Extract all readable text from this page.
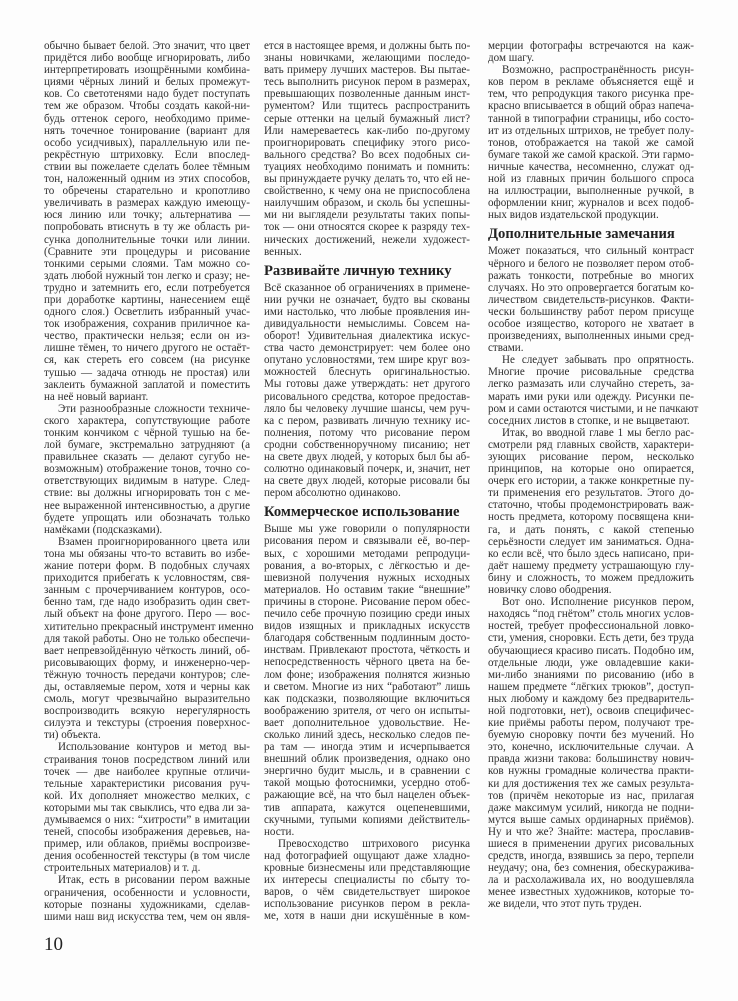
обычно бывает белой. Это значит, что цвет
придётся либо вообще игнорировать, либо
интерпретировать изощрёнными комбина-
циями чёрных линий и белых промежут-
ков. Со светотенями надо будет поступать
тем же образом. Чтобы создать какой-ни-
будь оттенок серого, необходимо приме-
нять точечное тонирование (вариант для
особо усидчивых), параллельную или пе-
рекрёстную штриховку. Если впослед-
ствии вы пожелаете сделать более тёмным
тон, наложенный одним из этих способов,
то обречены старательно и кропотливо
увеличивать в размерах каждую имеющу-
юся линию или точку; альтернатива —
попробовать втиснуть в ту же область ри-
сунка дополнительные точки или линии.
(Сравните эти процедуры и рисование
тонкими серыми слоями. Там можно со-
здать любой нужный тон легко и сразу; не-
трудно и затемнить его, если потребуется
при доработке картины, нанесением ещё
одного слоя.) Осветлить избранный учас-
ток изображения, сохранив приличное ка-
чество, практически нельзя; если он из-
лишне тёмен, то ничего другого не остаёт-
ся, как стереть его совсем (на рисунке
тушью — задача отнюдь не простая) или
заклеить бумажной заплатой и поместить
на неё новый вариант.
Эти разнообразные сложности техниче-
ского характера, сопутствующие работе
тонким кончиком с чёрной тушью на бе-
лой бумаге, экстремально затрудняют (а
правильнее сказать — делают сугубо не-
возможным) отображение тонов, точно со-
ответствующих видимым в натуре. След-
ствие: вы должны игнорировать тон с ме-
нее выраженной интенсивностью, а другие
будете упрощать или обозначать только
намёками (подсказками).
Взамен проигнорированного цвета или
тона мы обязаны что-то вставить во избе-
жание потери форм. В подобных случаях
приходится прибегать к условностям, свя-
занным с прочерчиванием контуров, осо-
бенно там, где надо изобразить один свет-
лый объект на фоне другого. Перо — вос-
хитительно прекрасный инструмент именно
для такой работы. Оно не только обеспечи-
вает непревзойдённую чёткость линий, об-
рисовывающих форму, и инженерно-чер-
тёжную точность передачи контуров; сле-
ды, оставляемые пером, хотя и черны как
смоль, могут чрезвычайно выразительно
воспроизводить всякую нерегулярность
силуэта и текстуры (строения поверхнос-
ти) объекта.
Использование контуров и метод вы-
страивания тонов посредством линий или
точек — две наиболее крупные отличи-
тельные характеристики рисования руч-
кой. Их дополняет множество мелких, с
которыми мы так свыклись, что едва ли за-
думываемся о них: “хитрости” в имитации
теней, способы изображения деревьев, на-
пример, или облаков, приёмы воспроизве-
дения особенностей текстуры (в том числе
строительных материалов) и т. д.
Итак, есть в рисовании пером важные
ограничения, особенности и условности,
которые познаны художниками, сделав-
шими наш вид искусства тем, чем он явля-
ется в настоящее время, и должны быть по-
знаны новичками, желающими последо-
вать примеру лучших мастеров. Вы пытае-
тесь выполнить рисунок пером в размерах,
превышающих позволенные данным инст-
рументом? Или тщитесь распространить
серые оттенки на целый бумажный лист?
Или намереваетесь как-либо по-другому
проигнорировать специфику этого рисо-
вального средства? Во всех подобных си-
туациях необходимо понимать и помнить:
вы принуждаете ручку делать то, что ей не-
свойственно, к чему она не приспособлена
наилучшим образом, и сколь бы успешны-
ми ни выглядели результаты таких попы-
ток — они относятся скорее к разряду тех-
нических достижений, нежели художест-
венных.
Развивайте личную технику
Всё сказанное об ограничениях в примене-
нии ручки не означает, будто вы скованы
ими настолько, что любые проявления ин-
дивидуальности немыслимы. Совсем на-
оборот! Удивительная диалектика искус-
ства часто демонстрирует: чем более оно
опутано условностями, тем шире круг воз-
можностей блеснуть оригинальностью.
Мы готовы даже утверждать: нет другого
рисовального средства, которое предостав-
ляло бы человеку лучшие шансы, чем руч-
ка с пером, развивать личную технику ис-
полнения, потому что рисование пером
сродни собственноручному писанию; нет
на свете двух людей, у которых был бы аб-
солютно одинаковый почерк, и, значит, нет
на свете двух людей, которые рисовали бы
пером абсолютно одинаково.
Коммерческое использование
Выше мы уже говорили о популярности
рисования пером и связывали её, во-пер-
вых, с хорошими методами репродуци-
рования, а во-вторых, с лёгкостью и де-
шевизной получения нужных исходных
материалов. Но оставим такие “внешние”
причины в стороне. Рисование пером обес-
печило себе прочную позицию среди иных
видов изящных и прикладных искусств
благодаря собственным подлинным досто-
инствам. Привлекают простота, чёткость и
непосредственность чёрного цвета на бе-
лом фоне; изображения полнятся жизнью
и светом. Многие из них “работают” лишь
как подсказки, позволяющие включиться
воображению зрителя, от чего он испыты-
вает дополнительное удовольствие. Не-
сколько линий здесь, несколько следов пе-
ра там — иногда этим и исчерпывается
внешний облик произведения, однако оно
энергично будит мысль, и в сравнении с
такой мощью фотоснимки, усердно отоб-
ражающие всё, на что был нацелен объек-
тив аппарата, кажутся оцепеневшими,
скучными, тупыми копиями действитель-
ности.
Превосходство штрихового рисунка
над фотографией ощущают даже хладно-
кровные бизнесмены или представляющие
их интересы специалисты по сбыту то-
варов, о чём свидетельствует широкое
использование рисунков пером в рекла-
ме, хотя в наши дни искушённые в ком-
мерции фотографы встречаются на каж-
дом шагу.
Возможно, распространённость рисун-
ков пером в рекламе объясняется ещё и
тем, что репродукция такого рисунка пре-
красно вписывается в общий образ напеча-
танной в типографии страницы, ибо состо-
ит из отдельных штрихов, не требует полу-
тонов, отображается на такой же самой
бумаге такой же самой краской. Эти гармо-
ничные качества, несомненно, служат од-
ной из главных причин большого спроса
на иллюстрации, выполненные ручкой, в
оформлении книг, журналов и всех подоб-
ных видов издательской продукции.
Дополнительные замечания
Может показаться, что сильный контраст
чёрного и белого не позволяет пером отоб-
ражать тонкости, потребные во многих
случаях. Но это опровергается богатым ко-
личеством свидетельств-рисунков. Факти-
чески большинству работ пером присуще
особое изящество, которого не хватает в
произведениях, выполненных иными сред-
ствами.
Не следует забывать про опрятность.
Многие прочие рисовальные средства
легко размазать или случайно стереть, за-
марать ими руки или одежду. Рисунки пе-
ром и сами остаются чистыми, и не пачкают
соседних листов в стопке, и не выцветают.
Итак, во вводной главе 1 мы бегло рас-
смотрели ряд главных свойств, характери-
зующих рисование пером, несколько
принципов, на которые оно опирается,
очерк его истории, а также конкретные пу-
ти применения его результатов. Этого до-
статочно, чтобы продемонстрировать важ-
ность предмета, которому посвящена кни-
га, и дать понять, с какой степенью
серьёзности следует им заниматься. Одна-
ко если всё, что было здесь написано, при-
даёт нашему предмету устрашающую глу-
бину и сложность, то можем предложить
новичку слово ободрения.
Вот оно. Исполнение рисунков пером,
находясь “под гнётом” столь многих услов-
ностей, требует профессиональной ловко-
сти, умения, сноровки. Есть дети, без труда
обучающиеся красиво писать. Подобно им,
отдельные люди, уже овладевшие каки-
ми-либо знаниями по рисованию (ибо в
нашем предмете “лёгких трюков”, доступ-
ных любому и каждому без предваритель-
ной подготовки, нет), освоив специфичес-
кие приёмы работы пером, получают тре-
буемую сноровку почти без мучений. Но
это, конечно, исключительные случаи. А
правда жизни такова: большинству нович-
ков нужны громадные количества практи-
ки для достижения тех же самых результа-
тов (причём некоторые из нас, прилагая
даже максимум усилий, никогда не подни-
мутся выше самых ординарных приёмов).
Ну и что же? Знайте: мастера, прославив-
шиеся в применении других рисовальных
средств, иногда, взявшись за перо, терпели
неудачу; она, без сомнения, обескуражива-
ла и расхолаживала их, но воодушевляла
менее известных художников, которые то-
же видели, что этот путь труден.
10
